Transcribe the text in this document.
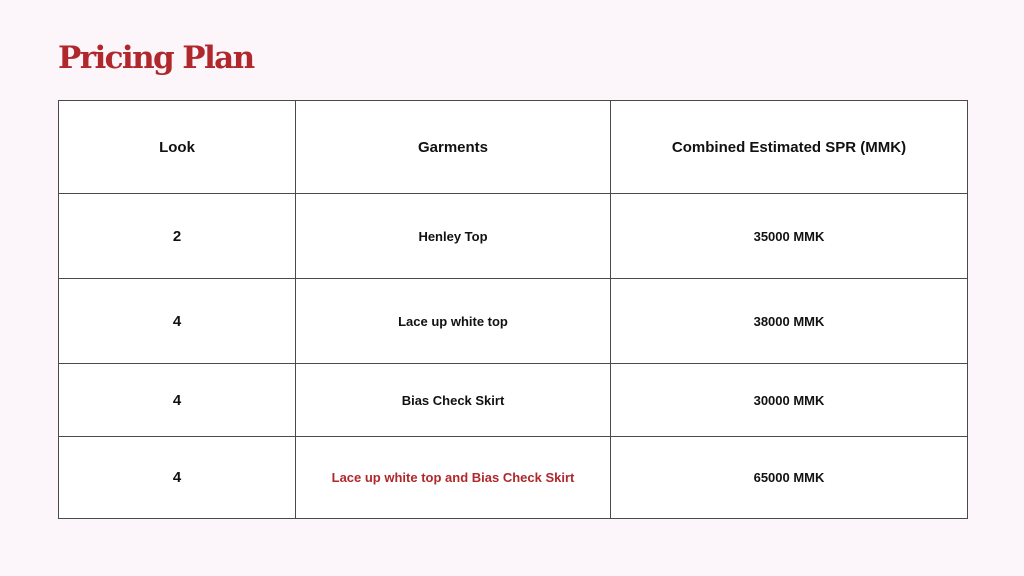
Pricing Plan
Look	Garments	Combined Estimated SPR (MMK)
2	Henley Top	35000 MMK
4	Lace up white top	38000 MMK
4	Bias Check Skirt	30000 MMK
4	Lace up white top and Bias Check Skirt	65000 MMK
